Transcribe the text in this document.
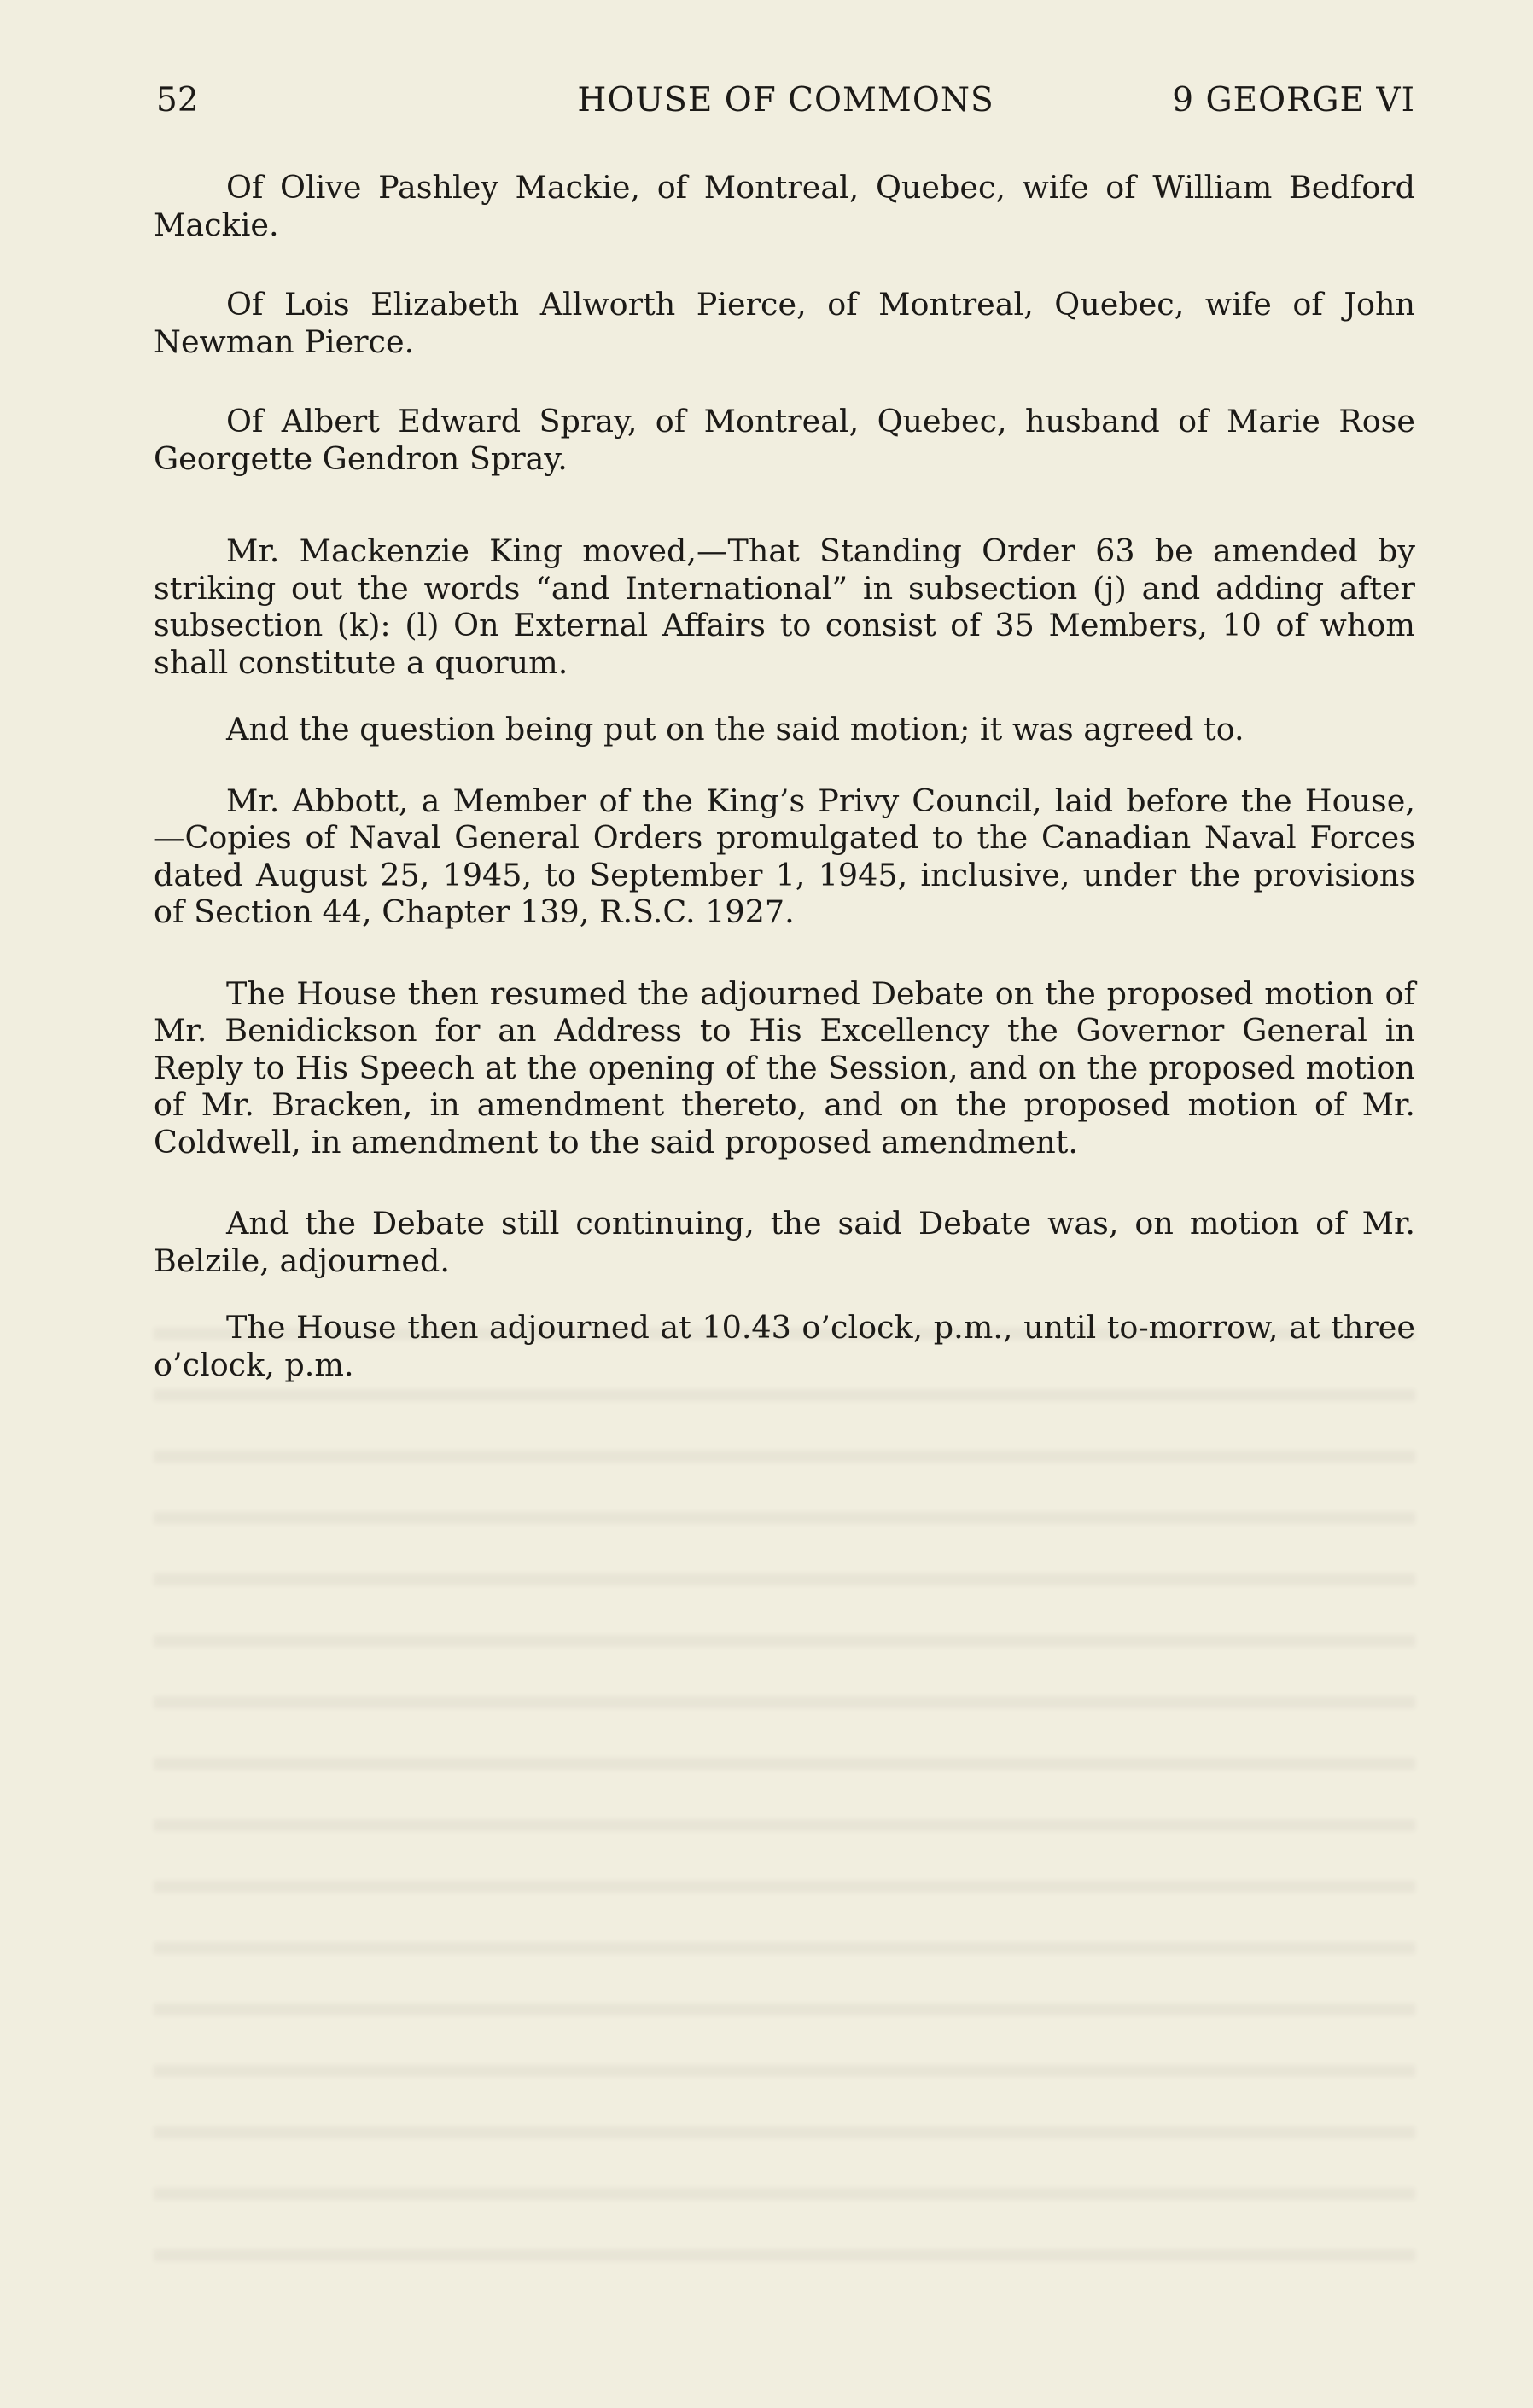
52	HOUSE OF COMMONS	9 GEORGE VI

Of Olive Pashley Mackie, of Montreal, Quebec, wife of William Bedford Mackie.

Of Lois Elizabeth Allworth Pierce, of Montreal, Quebec, wife of John Newman Pierce.

Of Albert Edward Spray, of Montreal, Quebec, husband of Marie Rose Georgette Gendron Spray.

Mr. Mackenzie King moved,—That Standing Order 63 be amended by striking out the words “and International” in subsection (j) and adding after subsection (k): (l) On External Affairs to consist of 35 Members, 10 of whom shall constitute a quorum.

And the question being put on the said motion; it was agreed to.

Mr. Abbott, a Member of the King’s Privy Council, laid before the House, —Copies of Naval General Orders promulgated to the Canadian Naval Forces dated August 25, 1945, to September 1, 1945, inclusive, under the provisions of Section 44, Chapter 139, R.S.C. 1927.

The House then resumed the adjourned Debate on the proposed motion of Mr. Benidickson for an Address to His Excellency the Governor General in Reply to His Speech at the opening of the Session, and on the proposed motion of Mr. Bracken, in amendment thereto, and on the proposed motion of Mr. Coldwell, in amendment to the said proposed amendment.

And the Debate still continuing, the said Debate was, on motion of Mr. Belzile, adjourned.

The House then adjourned at 10.43 o’clock, p.m., until to-morrow, at three o’clock, p.m.
